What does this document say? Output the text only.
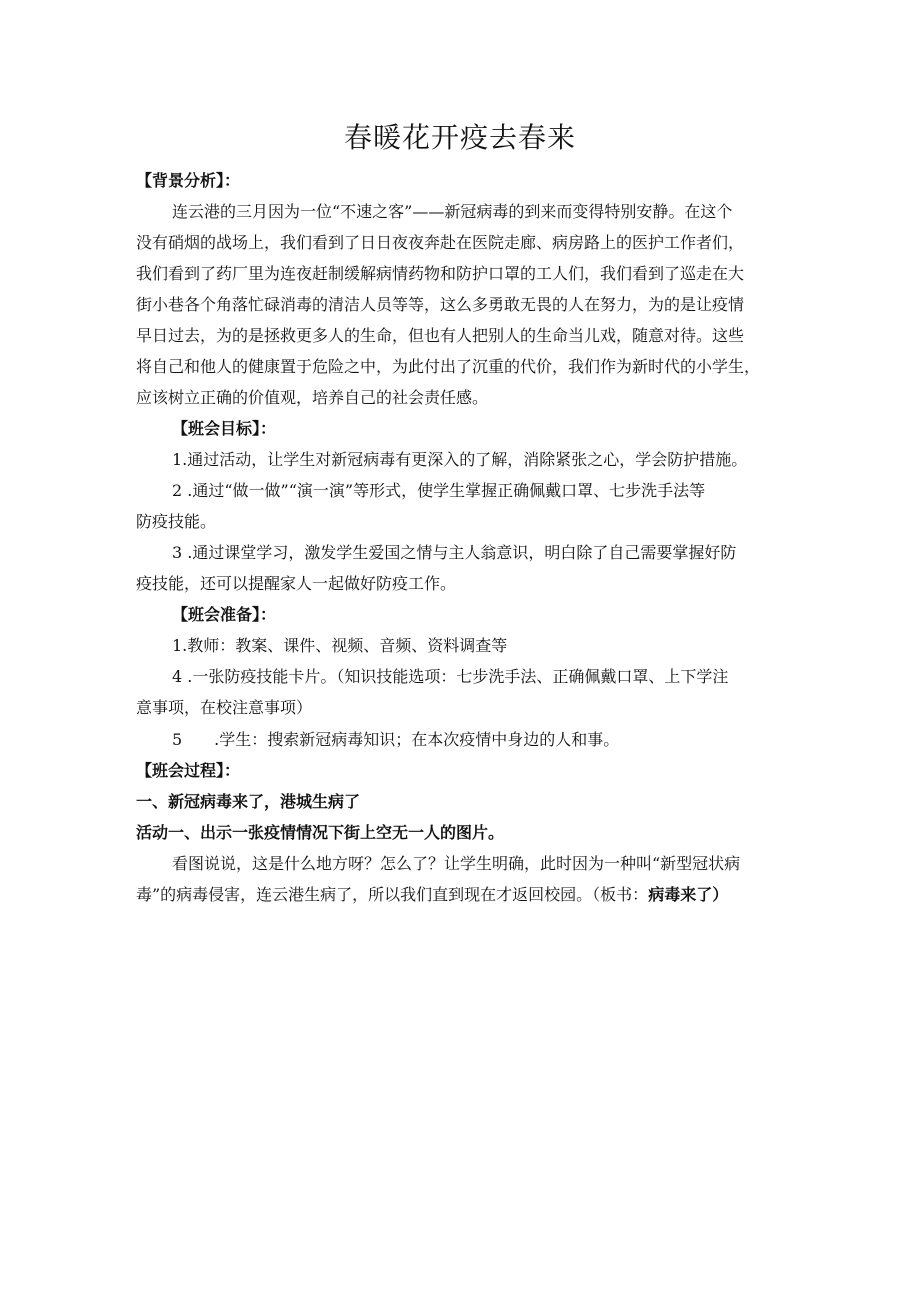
春暖花开疫去春来
【背景分析】：
连云港的三月因为一位“不速之客”——新冠病毒的到来而变得特别安静。在这个
没有硝烟的战场上，我们看到了日日夜夜奔赴在医院走廊、病房路上的医护工作者们，
我们看到了药厂里为连夜赶制缓解病情药物和防护口罩的工人们，我们看到了巡走在大
街小巷各个角落忙碌消毒的清洁人员等等，这么多勇敢无畏的人在努力，为的是让疫情
早日过去，为的是拯救更多人的生命，但也有人把别人的生命当儿戏，随意对待。这些
将自己和他人的健康置于危险之中，为此付出了沉重的代价，我们作为新时代的小学生，
应该树立正确的价值观，培养自己的社会责任感。
【班会目标】：
1.通过活动，让学生对新冠病毒有更深入的了解，消除紧张之心，学会防护措施。
2 .通过“做一做”“演一演”等形式，使学生掌握正确佩戴口罩、七步洗手法等
防疫技能。
3 .通过课堂学习，激发学生爱国之情与主人翁意识，明白除了自己需要掌握好防
疫技能，还可以提醒家人一起做好防疫工作。
【班会准备】：
1.教师：教案、课件、视频、音频、资料调查等
4 .一张防疫技能卡片。（知识技能选项：七步洗手法、正确佩戴口罩、上下学注
意事项，在校注意事项）
5　　.学生：搜索新冠病毒知识；在本次疫情中身边的人和事。
【班会过程】：
一、新冠病毒来了，港城生病了
活动一、出示一张疫情情况下街上空无一人的图片。
看图说说，这是什么地方呀？怎么了？让学生明确，此时因为一种叫“新型冠状病
毒”的病毒侵害，连云港生病了，所以我们直到现在才返回校园。（板书：病毒来了）
